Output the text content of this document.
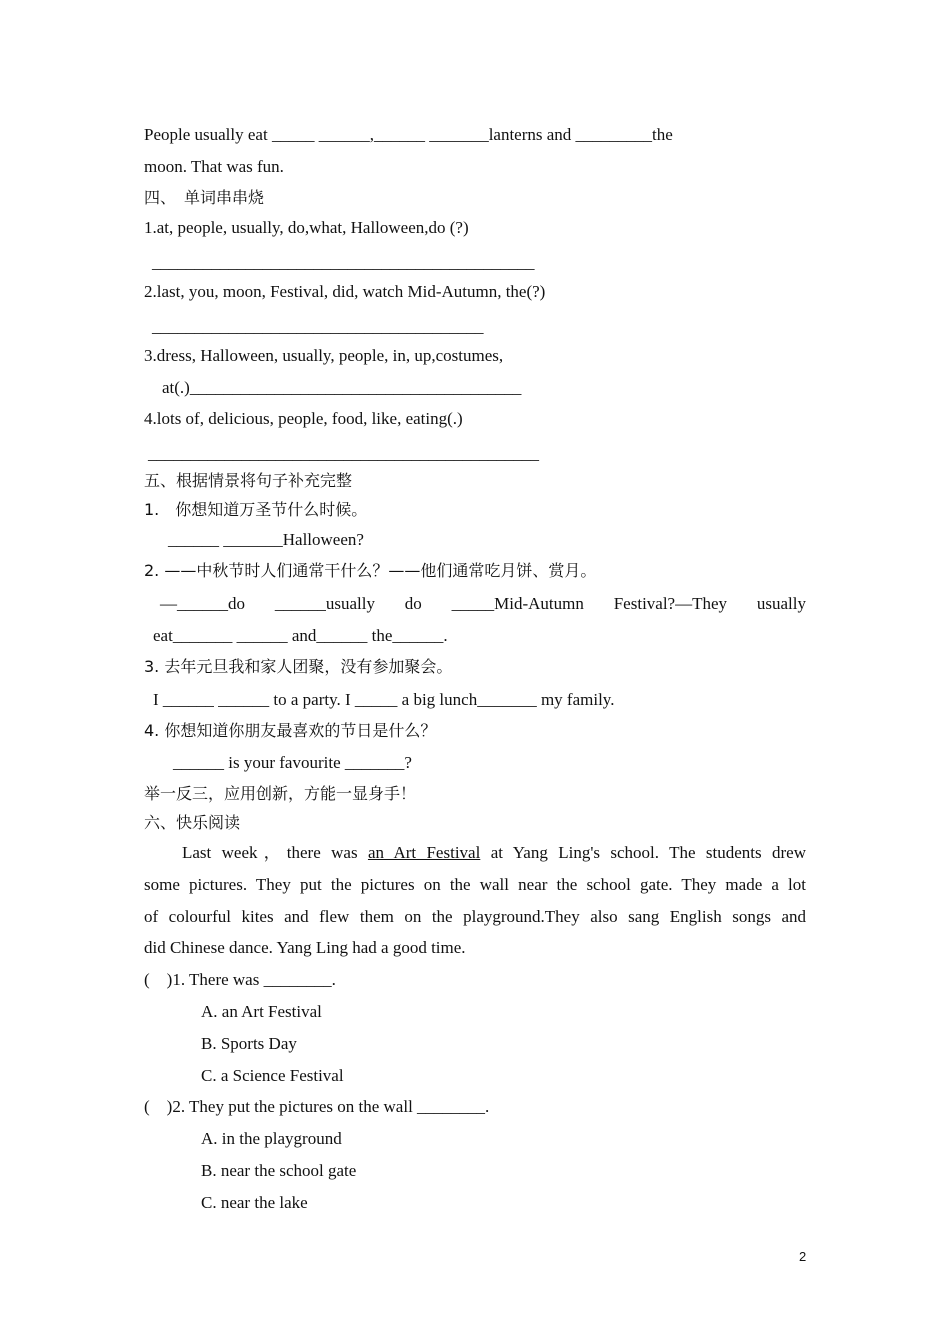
People usually eat _____ ______,______ _______lanterns and _________the
moon. That was fun.
四、　单词串串烧
1.at, people, usually, do,what, Halloween,do (?)
_____________________________________________
2.last, you, moon, Festival, did, watch Mid-Autumn, the(?)
_______________________________________
3.dress, Halloween, usually, people, in, up,costumes,
at(.)_______________________________________
4.lots of, delicious, people, food, like, eating(.)
______________________________________________
五、根据情景将句子补充完整
1.　你想知道万圣节什么时候。
______ _______Halloween?
2. ——中秋节时人们通常干什么？——他们通常吃月饼、赏月。
—______do ______usually do _____Mid-Autumn Festival?—They usually
eat_______ ______ and______ the______.
3. 去年元旦我和家人团聚，没有参加聚会。
I ______ ______ to a party. I _____ a big lunch_______ my family.
4. 你想知道你朋友最喜欢的节日是什么？
______ is your favourite _______?
举一反三，应用创新，方能一显身手！
六、快乐阅读
Last week，there was an Art Festival at Yang Ling's school. The students drew
some pictures. They put the pictures on the wall near the school gate. They made a lot
of colourful kites and flew them on the playground.They also sang English songs and
did Chinese dance. Yang Ling had a good time.
(　)1. There was ________.
A. an Art Festival
B. Sports Day
C. a Science Festival
(　)2. They put the pictures on the wall ________.
A. in the playground
B. near the school gate
C. near the lake
2
